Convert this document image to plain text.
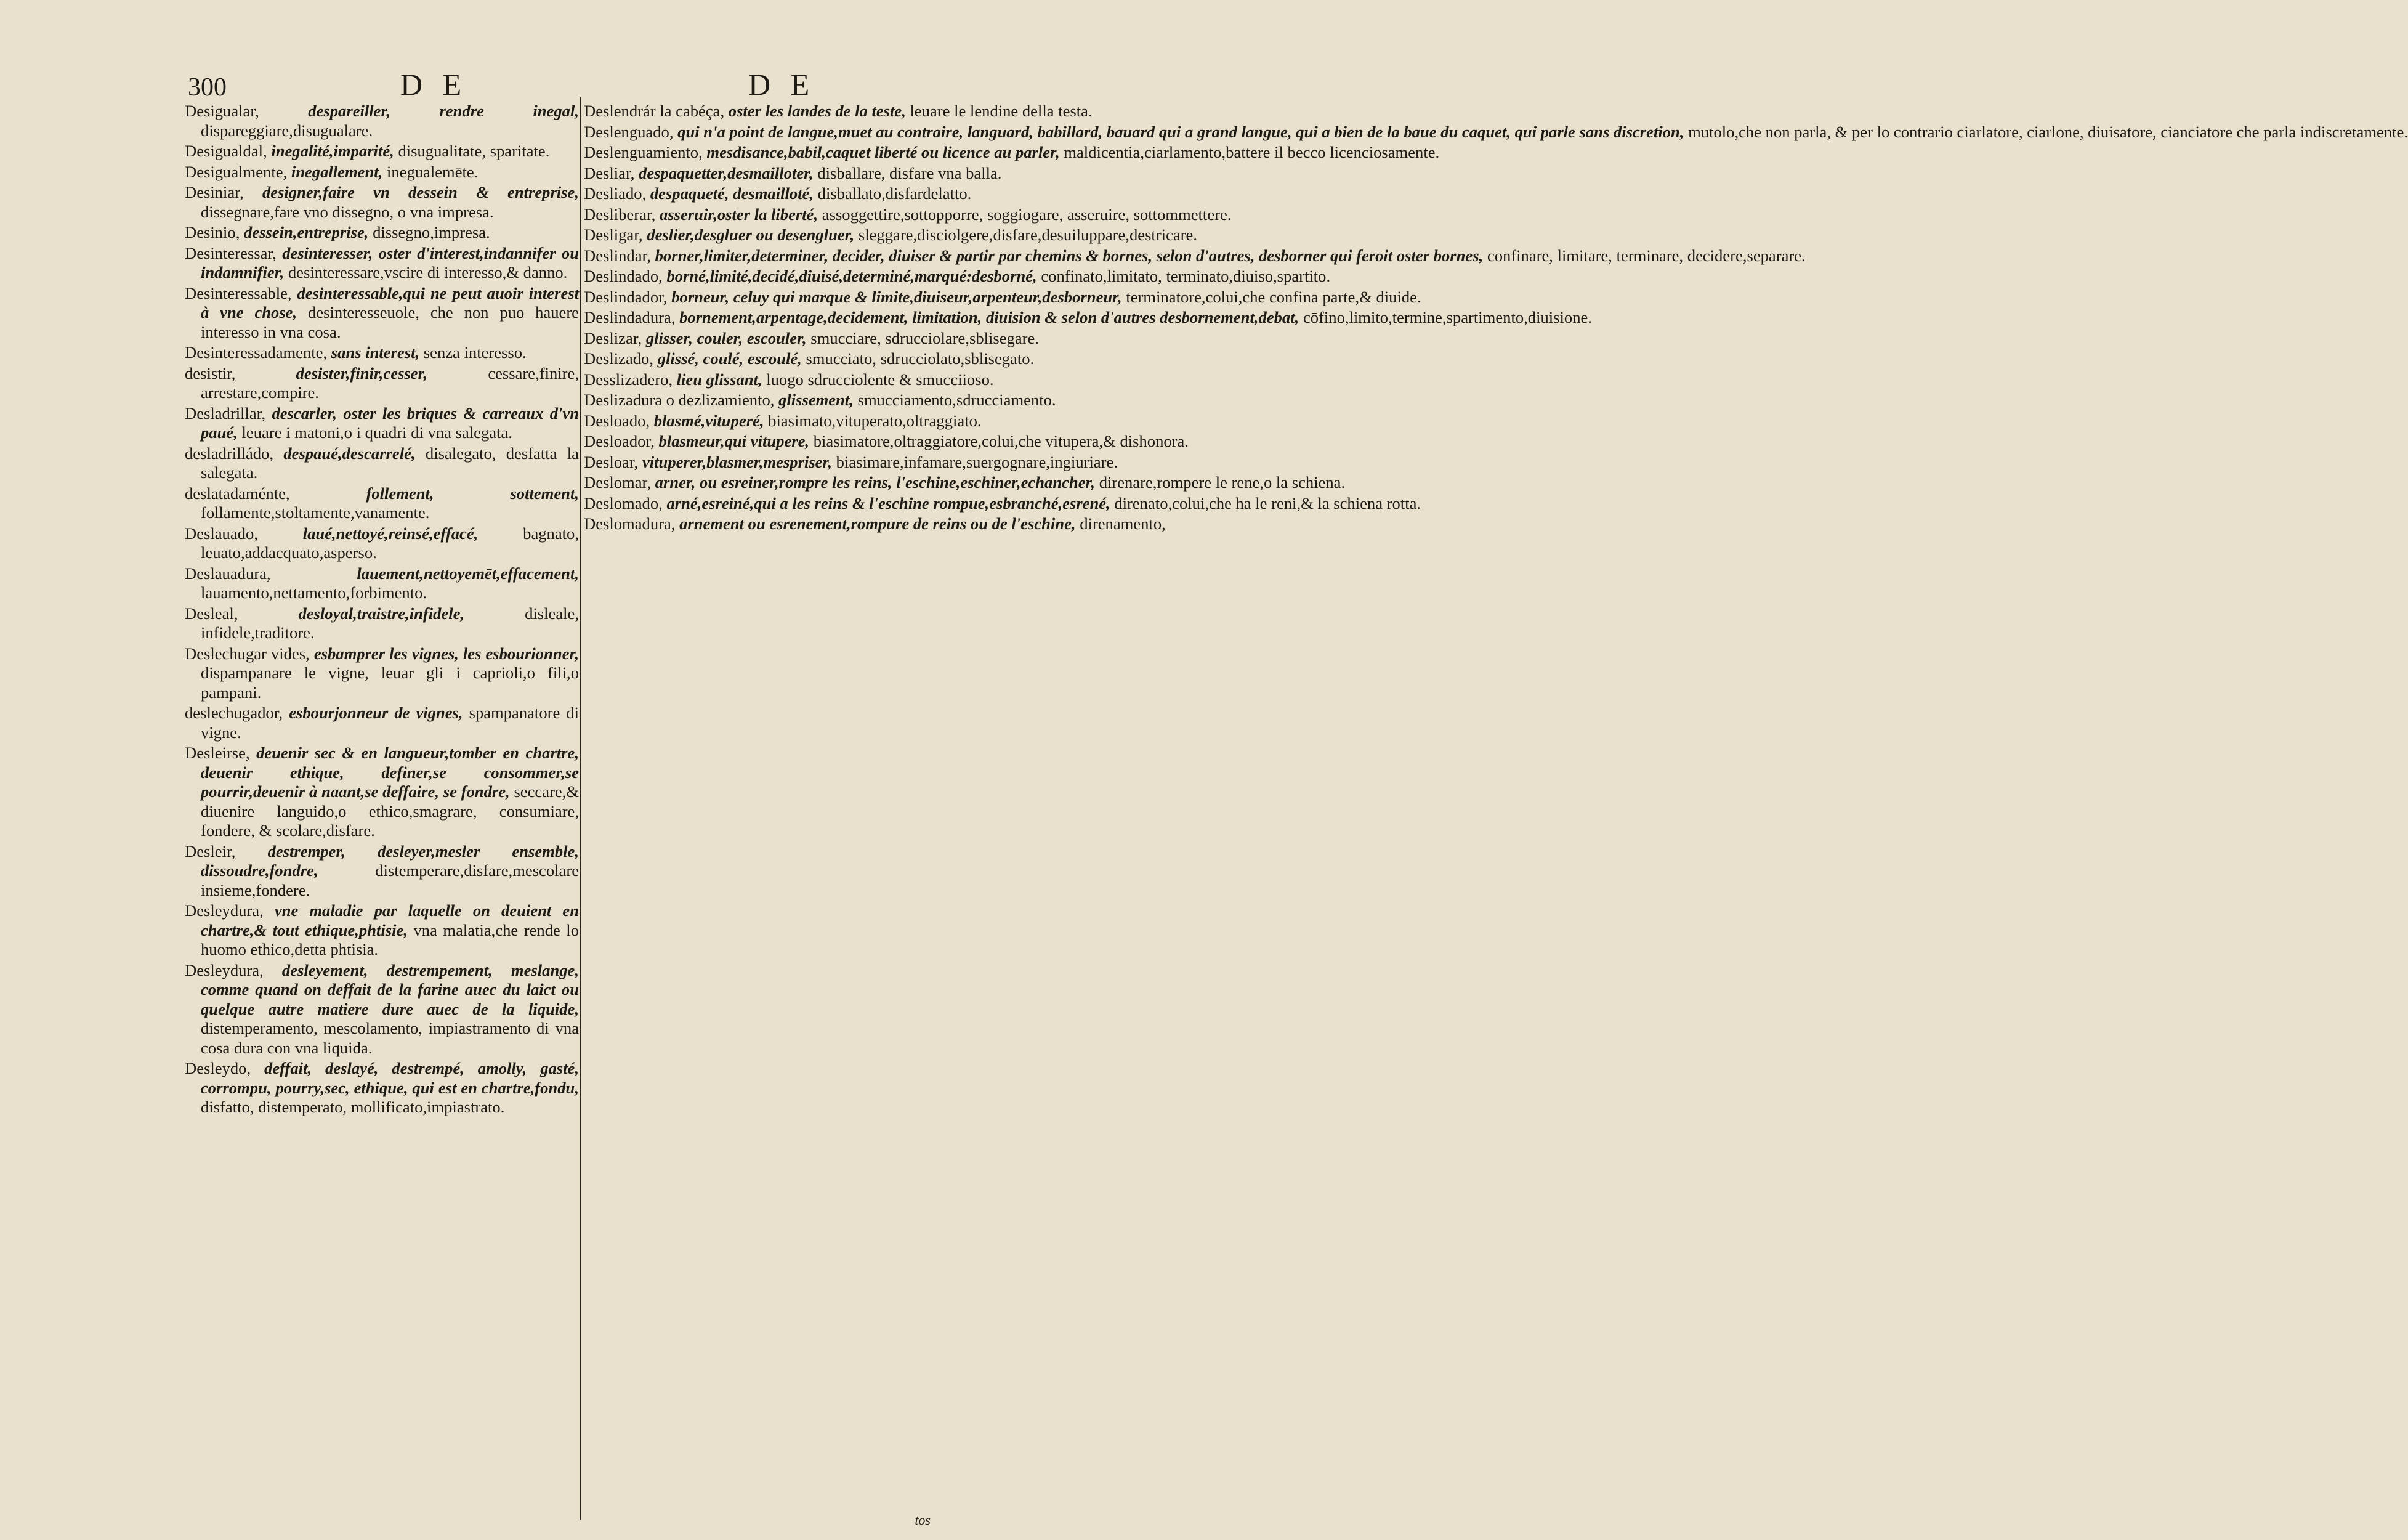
300	D E	D E

Desigualar,	despareiller, rendre inegal, dispareggiare,disugualare.

Desigualdal, inegalité,imparité, disugualitate, sparitate.

Desigualmente, inegallement, inegualemēte.

Desiniar, designer,faire vn dessein & entreprise, dissegnare,fare vno dissegno, o vna impresa.

Desinio, dessein,entreprise, dissegno,impresa.

Desinteressar, desinteresser, oster d'interest,indannifer ou indamnifier, desinteressare,vscire di interesso,& danno.

Desinteressable, desinteressable,qui ne peut auoir interest à vne chose, desinteresseuole, che non puo hauere interesso in vna cosa.

Desinteressadamente, sans interest, senza interesso.

desistir,	desister,finir,cesser,	cessare,finire, arrestare,compire.

Desladrillar, descarler, oster les briques & carreaux d'vn paué, leuare i matoni,o i quadri di vna salegata.

desladrilládo, despaué,descarrelé, disalegato, desfatta la salegata.

deslatadaménte,	follement, sottement, follamente,stoltamente,vanamente.

Deslauado,	laué,nettoyé,reinsé,effacé,	bagnato, leuato,addacquato,asperso.

Deslauadura,	lauement,nettoyemēt,effacement, lauamento,nettamento,forbimento.

Desleal,	desloyal,traistre,infidele,	disleale, infidele,traditore.

Deslechugar vides, esbamprer les vignes, les esbourionner, dispampanare le vigne, leuar gli i caprioli,o fili,o pampani.

deslechugador, esbourjonneur de vignes, spampanatore di vigne.

Desleirse, deuenir sec & en langueur,tomber en chartre, deuenir ethique, definer,se consommer,se pourrir,deuenir à naant,se deffaire, se fondre, seccare,& diuenire languido,o ethico,smagrare, consumiare, fondere, & scolare,disfare.

Desleir, destremper, desleyer,mesler ensemble, dissoudre,fondre,	distemperare,disfare,mescolare insieme,fondere.

Desleydura, vne maladie par laquelle on deuient en chartre,& tout ethique,phtisie, vna malatia,che rende lo huomo ethico,detta phtisia.

Desleydura, desleyement, destrempement, meslange, comme quand on deffait de la farine auec du laict ou quelque autre matiere dure auec de la liquide, distemperamento, mescolamento, impiastramento di vna cosa dura con vna liquida.

Desleydo, deffait, deslayé, destrempé, amolly, gasté, corrompu, pourry,sec, ethique, qui est en chartre,fondu, disfatto, distemperato, mollificato,impiastrato.

Deslendrár la cabéça, oster les landes de la teste, leuare le lendine della testa.

Deslenguado, qui n'a point de langue,muet au contraire, languard, babillard, bauard qui a grand langue, qui a bien de la baue du caquet, qui parle sans discretion, mutolo,che non parla, & per lo contrario ciarlatore, ciarlone, diuisatore, cianciatore che parla indiscretamente.

Deslenguamiento, mesdisance,babil,caquet liberté ou licence au parler, maldicentia,ciarlamento,battere il becco licenciosamente.

Desliar, despaquetter,desmailloter, disballare, disfare vna balla.

Desliado, despaqueté, desmailloté, disballato,disfardelatto.

Desliberar, asseruir,oster la liberté, assoggettire,sottopporre, soggiogare, asseruire, sottommettere.

Desligar, deslier,desgluer ou desengluer, sleggare,disciolgere,disfare,desuiluppare,destricare.

Deslindar, borner,limiter,determiner, decider, diuiser & partir par chemins & bornes, selon d'autres, desborner qui feroit oster bornes, confinare, limitare, terminare, decidere,separare.

Deslindado, borné,limité,decidé,diuisé,determiné,marqué:desborné, confinato,limitato, terminato,diuiso,spartito.

Deslindador, borneur, celuy qui marque & limite,diuiseur,arpenteur,desborneur, terminatore,colui,che confina parte,& diuide.

Deslindadura, bornement,arpentage,decidement, limitation, diuision & selon d'autres desbornement,debat, cōfino,limito,termine,spartimento,diuisione.

Deslizar, glisser, couler, escouler, smucciare, sdrucciolare,sblisegare.

Deslizado, glissé, coulé, escoulé, smucciato, sdrucciolato,sblisegato.

Desslizadero, lieu glissant, luogo sdrucciolente & smucciioso.

Deslizadura o dezlizamiento, glissement, smucciamento,sdrucciamento.

Desloado, blasmé,vituperé, biasimato,vituperato,oltraggiato.

Desloador, blasmeur,qui vitupere, biasimatore,oltraggiatore,colui,che vitupera,& dishonora.

Desloar, vituperer,blasmer,mespriser, biasimare,infamare,suergognare,ingiuriare.

Deslomar, arner, ou esreiner,rompre les reins, l'eschine,eschiner,echancher, direnare,rompere le rene,o la schiena.

Deslomado, arné,esreiné,qui a les reins & l'eschine rompue,esbranché,esrené, direnato,colui,che ha le reni,& la schiena rotta.

Deslomadura, arnement ou esrenement,rompure de reins ou de l'eschine, direnamento,

tos
